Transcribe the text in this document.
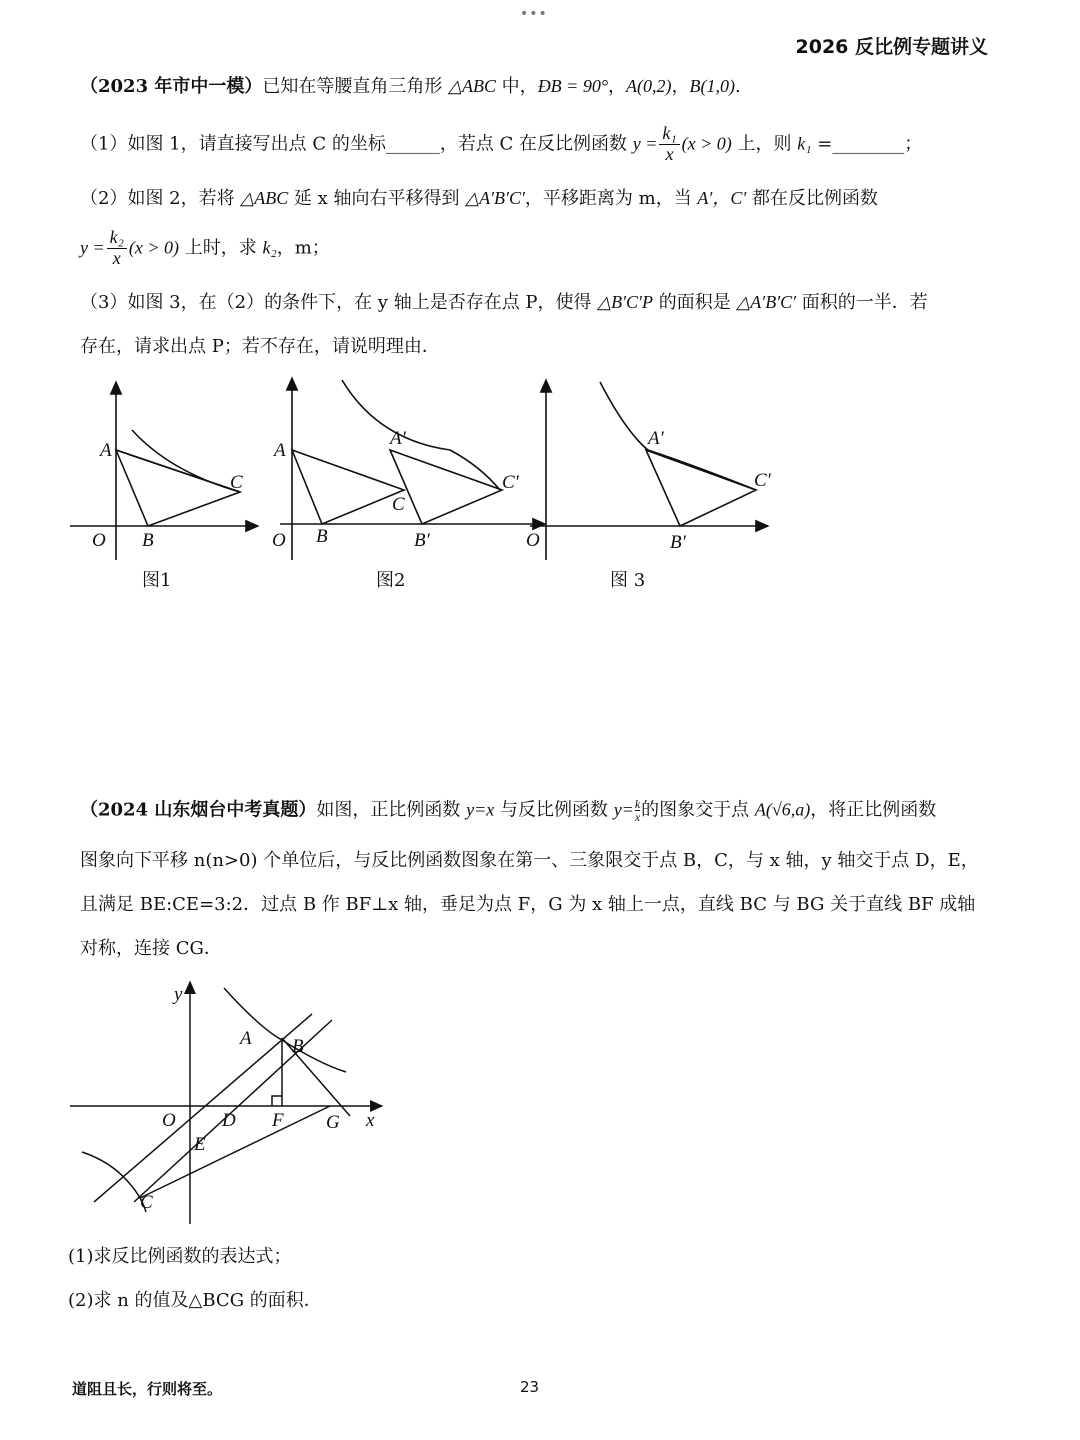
•••
2026 反比例专题讲义
（2023 年市中一模）已知在等腰直角三角形 △ABC 中，ÐB = 90°，A(0,2)，B(1,0).
（1）如图 1，请直接写出点 C 的坐标______，若点 C 在反比例函数 $y = \frac{\text{k₁}}{x} (x > 0)$ 上，则 k₁ =________；
（2）如图 2，若将 △ABC 延 x 轴向右平移得到 △A′B′C′，平移距离为 m，当 A′，C′ 都在反比例函数
$y = \frac{\text{k₂}}{x} (x > 0)$ 上时，求 k₂，m；
（3）如图 3，在（2）的条件下，在 y 轴上是否存在点 P，使得 △B′C′P 的面积是 △A′B′C′ 面积的一半．若
存在，请求出点 P；若不存在，请说明理由．
A
C
O B
A
A′
C
C′
O B	B′
A′
C′
O	B′
图1	图2	图 3
（2024 山东烟台中考真题）如图，正比例函数 y=x 与反比例函数 $y= \frac{k}{x}$ 的图象交于点 A(√6,a)，将正比例函数
图象向下平移 n(n>0) 个单位后，与反比例函数图象在第一、三象限交于点 B，C，与 x 轴，y 轴交于点 D，E，
且满足 BE:CE=3:2．过点 B 作 BF⊥x 轴，垂足为点 F，G 为 x 轴上一点，直线 BC 与 BG 关于直线 BF 成轴
对称，连接 CG．
y
A B
O D F G x
E
C
(1)求反比例函数的表达式；
(2)求 n 的值及△BCG 的面积．
道阻且长，行则将至。	23
